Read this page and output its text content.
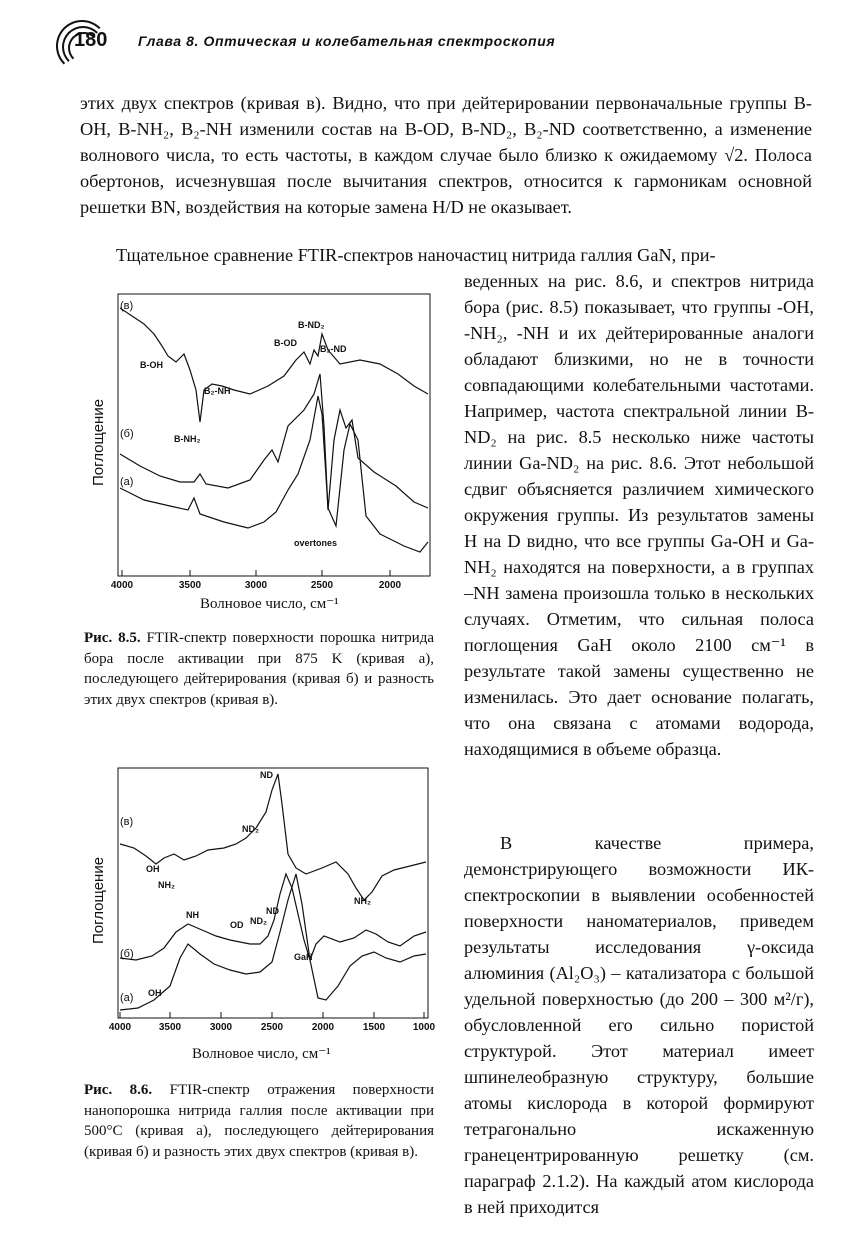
180 Глава 8. Оптическая и колебательная спектроскопия

этих двух спектров (кривая в). Видно, что при дейтерировании первоначальные группы B-OH, B-NH₂, B₂-NH изменили состав на B-OD, B-ND₂, B₂-ND соответственно, а изменение волнового числа, то есть частоты, в каждом случае было близко к ожидаемому √2. Полоса обертонов, исчезнувшая после вычитания спектров, относится к гармоникам основной решетки BN, воздействия на которые замена H/D не оказывает.

Тщательное сравнение FTIR-спектров наночастиц нитрида галлия GaN, при-

веденных на рис. 8.6, и спектров нитрида бора (рис. 8.5) показывает, что группы -OH, -NH₂, -NH и их дейтерированные аналоги обладают близкими, но не в точности совпадающими колебательными частотами. Например, частота спектральной линии B-ND₂ на рис. 8.5 несколько ниже частоты линии Ga-ND₂ на рис. 8.6. Этот небольшой сдвиг объясняется различием химического окружения группы. Из результатов замены H на D видно, что все группы Ga-OH и Ga-NH₂ находятся на поверхности, а в группах –NH замена произошла только в нескольких случаях. Отметим, что сильная полоса поглощения GaH около 2100 см⁻¹ в результате такой замены существенно не изменилась. Это дает основание полагать, что она связана с атомами водорода, находящимися в объеме образца.

В качестве примера, демонстрирующего возможности ИК-спектроскопии в выявлении особенностей поверхности наноматериалов, приведем результаты исследования γ-оксида алюминия (Al₂O₃) – катализатора с большой удельной поверхностью (до 200 – 300 м²/г), обусловленной его сильно пористой структурой. Этот материал имеет шпинелеобразную структуру, большие атомы кислорода в которой формируют тетрагонально искаженную гранецентрированную решетку (см. параграф 2.1.2). На каждый атом кислорода в ней приходится

Поглощение
(в)
(б)
(а)
B-OH
B-OD
B-ND₂
B₂-ND
B₂-NH
B-NH₂
overtones
4000	3500	3000	2500	2000
Волновое число, см⁻¹

Рис. 8.5. FTIR-спектр поверхности порошка нитрида бора после активации при 875 K (кривая а), последующего дейтерирования (кривая б) и разность этих двух спектров (кривая в).

Поглощение
(в)
(б)
(а)
ND
ND₂
OH
NH₂
NH
OD ND₂
ND
NH₂
GaH
OH
4000	3500	3000	2500	2000	1500	1000
Волновое число, см⁻¹

Рис. 8.6. FTIR-спектр отражения поверхности нанопорошка нитрида галлия после активации при 500°C (кривая а), последующего дейтерирования (кривая б) и разность этих двух спектров (кривая в).
